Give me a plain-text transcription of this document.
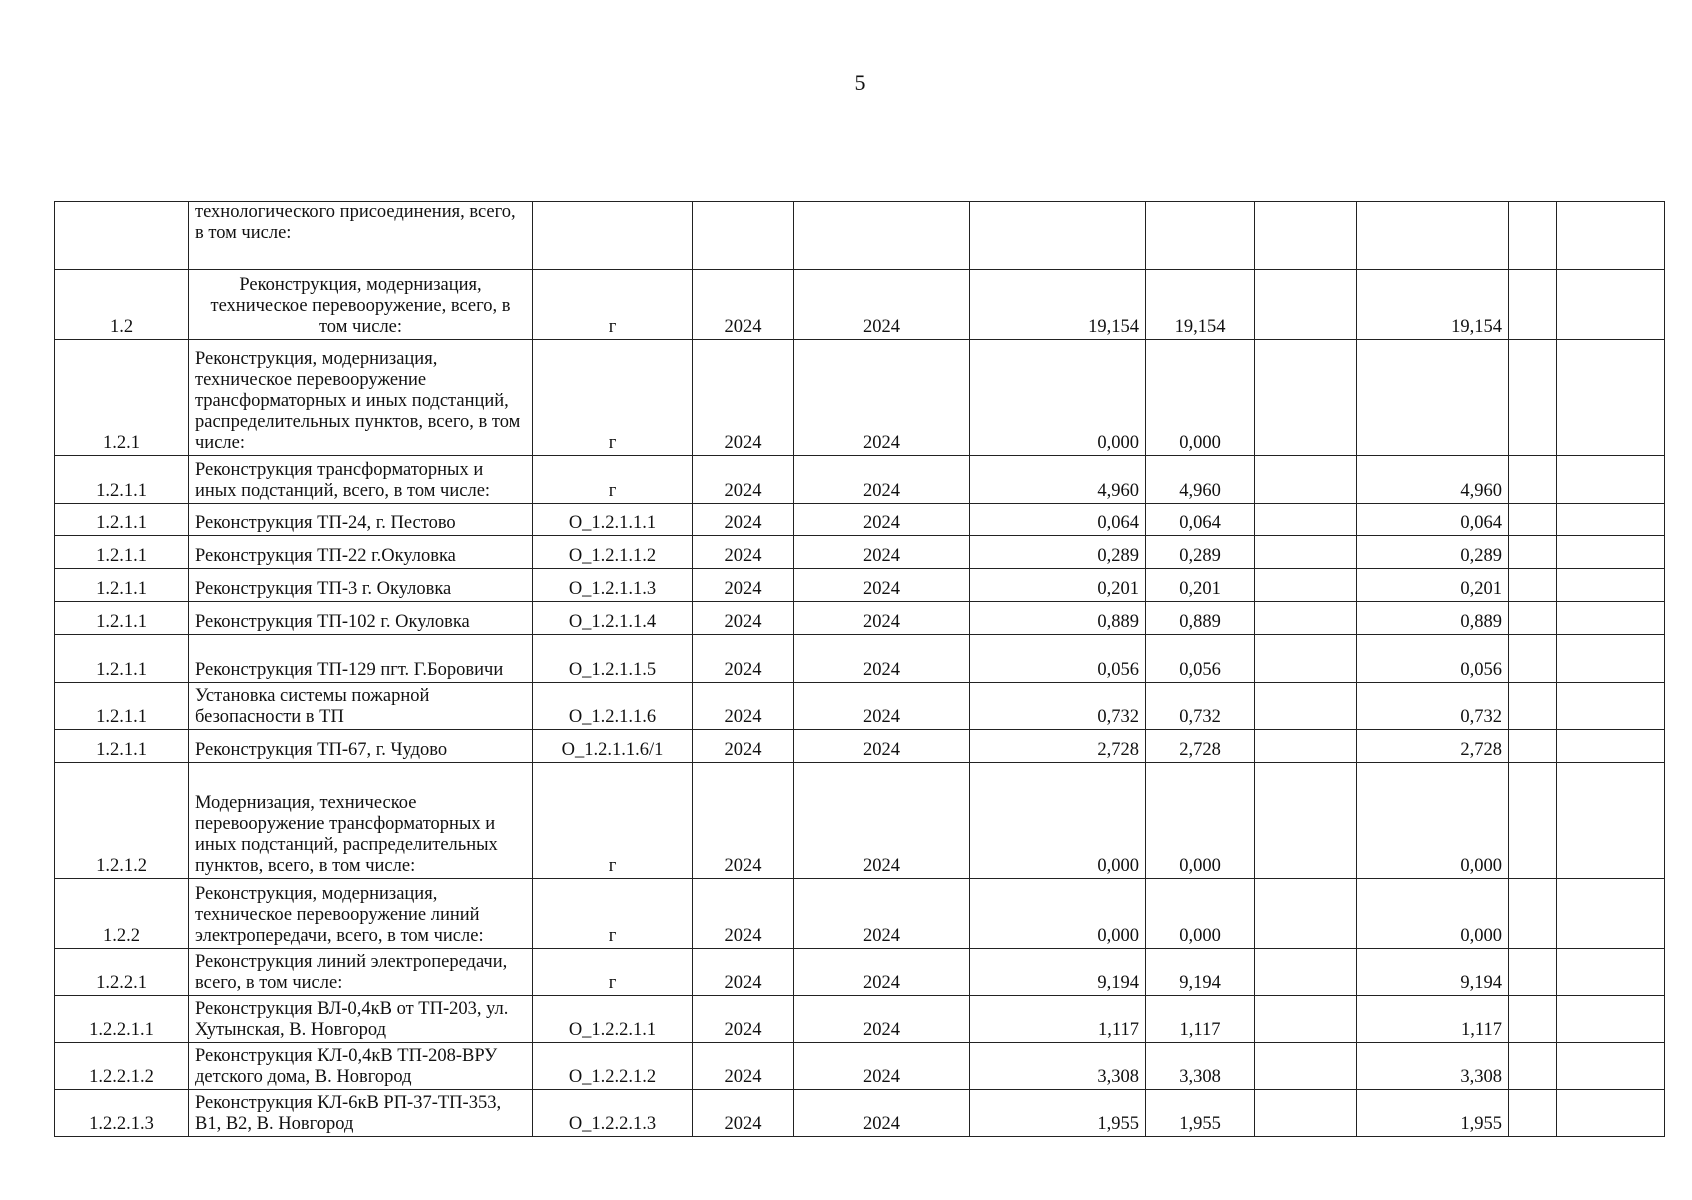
5
	технологического присоединения, всего, в том числе:									
1.2	Реконструкция, модернизация, техническое перевооружение, всего, в том числе:	г	2024	2024	19,154	19,154		19,154		
1.2.1	Реконструкция, модернизация, техническое перевооружение трансформаторных и иных подстанций, распределительных пунктов, всего, в том числе:	г	2024	2024	0,000	0,000				
1.2.1.1	Реконструкция трансформаторных и иных подстанций, всего, в том числе:	г	2024	2024	4,960	4,960		4,960		
1.2.1.1	Реконструкция ТП-24, г. Пестово	О_1.2.1.1.1	2024	2024	0,064	0,064		0,064		
1.2.1.1	Реконструкция ТП-22 г.Окуловка	О_1.2.1.1.2	2024	2024	0,289	0,289		0,289		
1.2.1.1	Реконструкция ТП-3 г. Окуловка	О_1.2.1.1.3	2024	2024	0,201	0,201		0,201		
1.2.1.1	Реконструкция ТП-102 г. Окуловка	О_1.2.1.1.4	2024	2024	0,889	0,889		0,889		
1.2.1.1	Реконструкция ТП-129 пгт. Г.Боровичи	О_1.2.1.1.5	2024	2024	0,056	0,056		0,056		
1.2.1.1	Установка системы пожарной безопасности в ТП	О_1.2.1.1.6	2024	2024	0,732	0,732		0,732		
1.2.1.1	Реконструкция ТП-67, г. Чудово	О_1.2.1.1.6/1	2024	2024	2,728	2,728		2,728		
1.2.1.2	Модернизация, техническое перевооружение трансформаторных и иных подстанций, распределительных пунктов, всего, в том числе:	г	2024	2024	0,000	0,000		0,000		
1.2.2	Реконструкция, модернизация, техническое перевооружение линий электропередачи, всего, в том числе:	г	2024	2024	0,000	0,000		0,000		
1.2.2.1	Реконструкция линий электропередачи, всего, в том числе:	г	2024	2024	9,194	9,194		9,194		
1.2.2.1.1	Реконструкция ВЛ-0,4кВ от ТП-203, ул. Хутынская, В. Новгород	О_1.2.2.1.1	2024	2024	1,117	1,117		1,117		
1.2.2.1.2	Реконструкция КЛ-0,4кВ ТП-208-ВРУ детского дома, В. Новгород	О_1.2.2.1.2	2024	2024	3,308	3,308		3,308		
1.2.2.1.3	Реконструкция КЛ-6кВ РП-37-ТП-353, В1, В2, В. Новгород	О_1.2.2.1.3	2024	2024	1,955	1,955		1,955		
